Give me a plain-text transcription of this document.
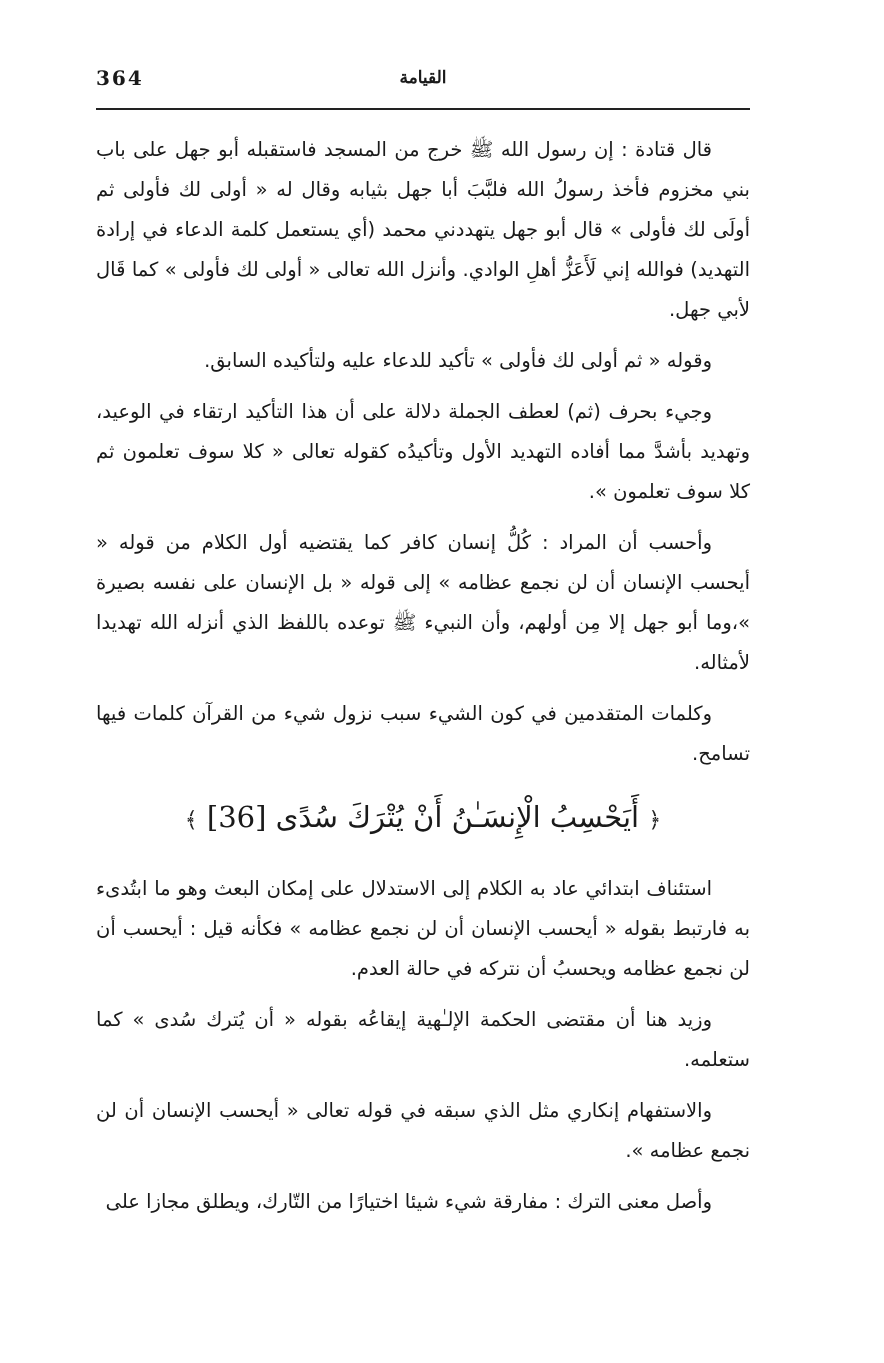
364	القيامة

قال قتادة : إن رسول الله ﷺ خرج من المسجد فاستقبله أبو جهل على باب بني مخزوم فأخذ رسولُ الله فلبَّبَ أبا جهل بثيابه وقال له « أولى لك فأولى ثم أولَى لك فأولى » قال أبو جهل يتهددني محمد (أي يستعمل كلمة الدعاء في إرادة التهديد) فوالله إني لَأَعَزُّ أهلِ الوادي. وأنزل الله تعالى « أولى لك فأولى » كما قَال لأبي جهل.

وقوله « ثم أولى لك فأولى » تأكيد للدعاء عليه ولتأكيده السابق.

وجيء بحرف (ثم) لعطف الجملة دلالة على أن هذا التأكيد ارتقاء في الوعيد، وتهديد بأشدَّ مما أفاده التهديد الأول وتأكيدُه كقوله تعالى « كلا سوف تعلمون ثم كلا سوف تعلمون ».

وأحسب أن المراد : كُلُّ إنسان كافر كما يقتضيه أول الكلام من قوله « أيحسب الإنسان أن لن نجمع عظامه » إلى قوله « بل الإنسان على نفسه بصيرة »،وما أبو جهل إلا مِن أولهم، وأن النبيء ﷺ توعده باللفظ الذي أنزله الله تهديدا لأمثاله.

وكلمات المتقدمين في كون الشيء سبب نزول شيء من القرآن كلمات فيها تسامح.

﴿ أَيَحْسِبُ الْإِنسَـٰنُ أَنْ يُتْرَكَ سُدًى [36] ﴾

استئناف ابتدائي عاد به الكلام إلى الاستدلال على إمكان البعث وهو ما ابتُدىء به فارتبط بقوله « أيحسب الإنسان أن لن نجمع عظامه » فكأنه قيل : أيحسب أن لن نجمع عظامه ويحسبُ أن نتركه في حالة العدم.

وزيد هنا أن مقتضى الحكمة الإلـٰهية إيقاعُه بقوله « أن يُترك سُدى » كما ستعلمه.

والاستفهام إنكاري مثل الذي سبقه في قوله تعالى « أيحسب الإنسان أن لن نجمع عظامه ».

وأصل معنى الترك : مفارقة شيء شيئا اختيارًا من التّارك، ويطلق مجازا على
